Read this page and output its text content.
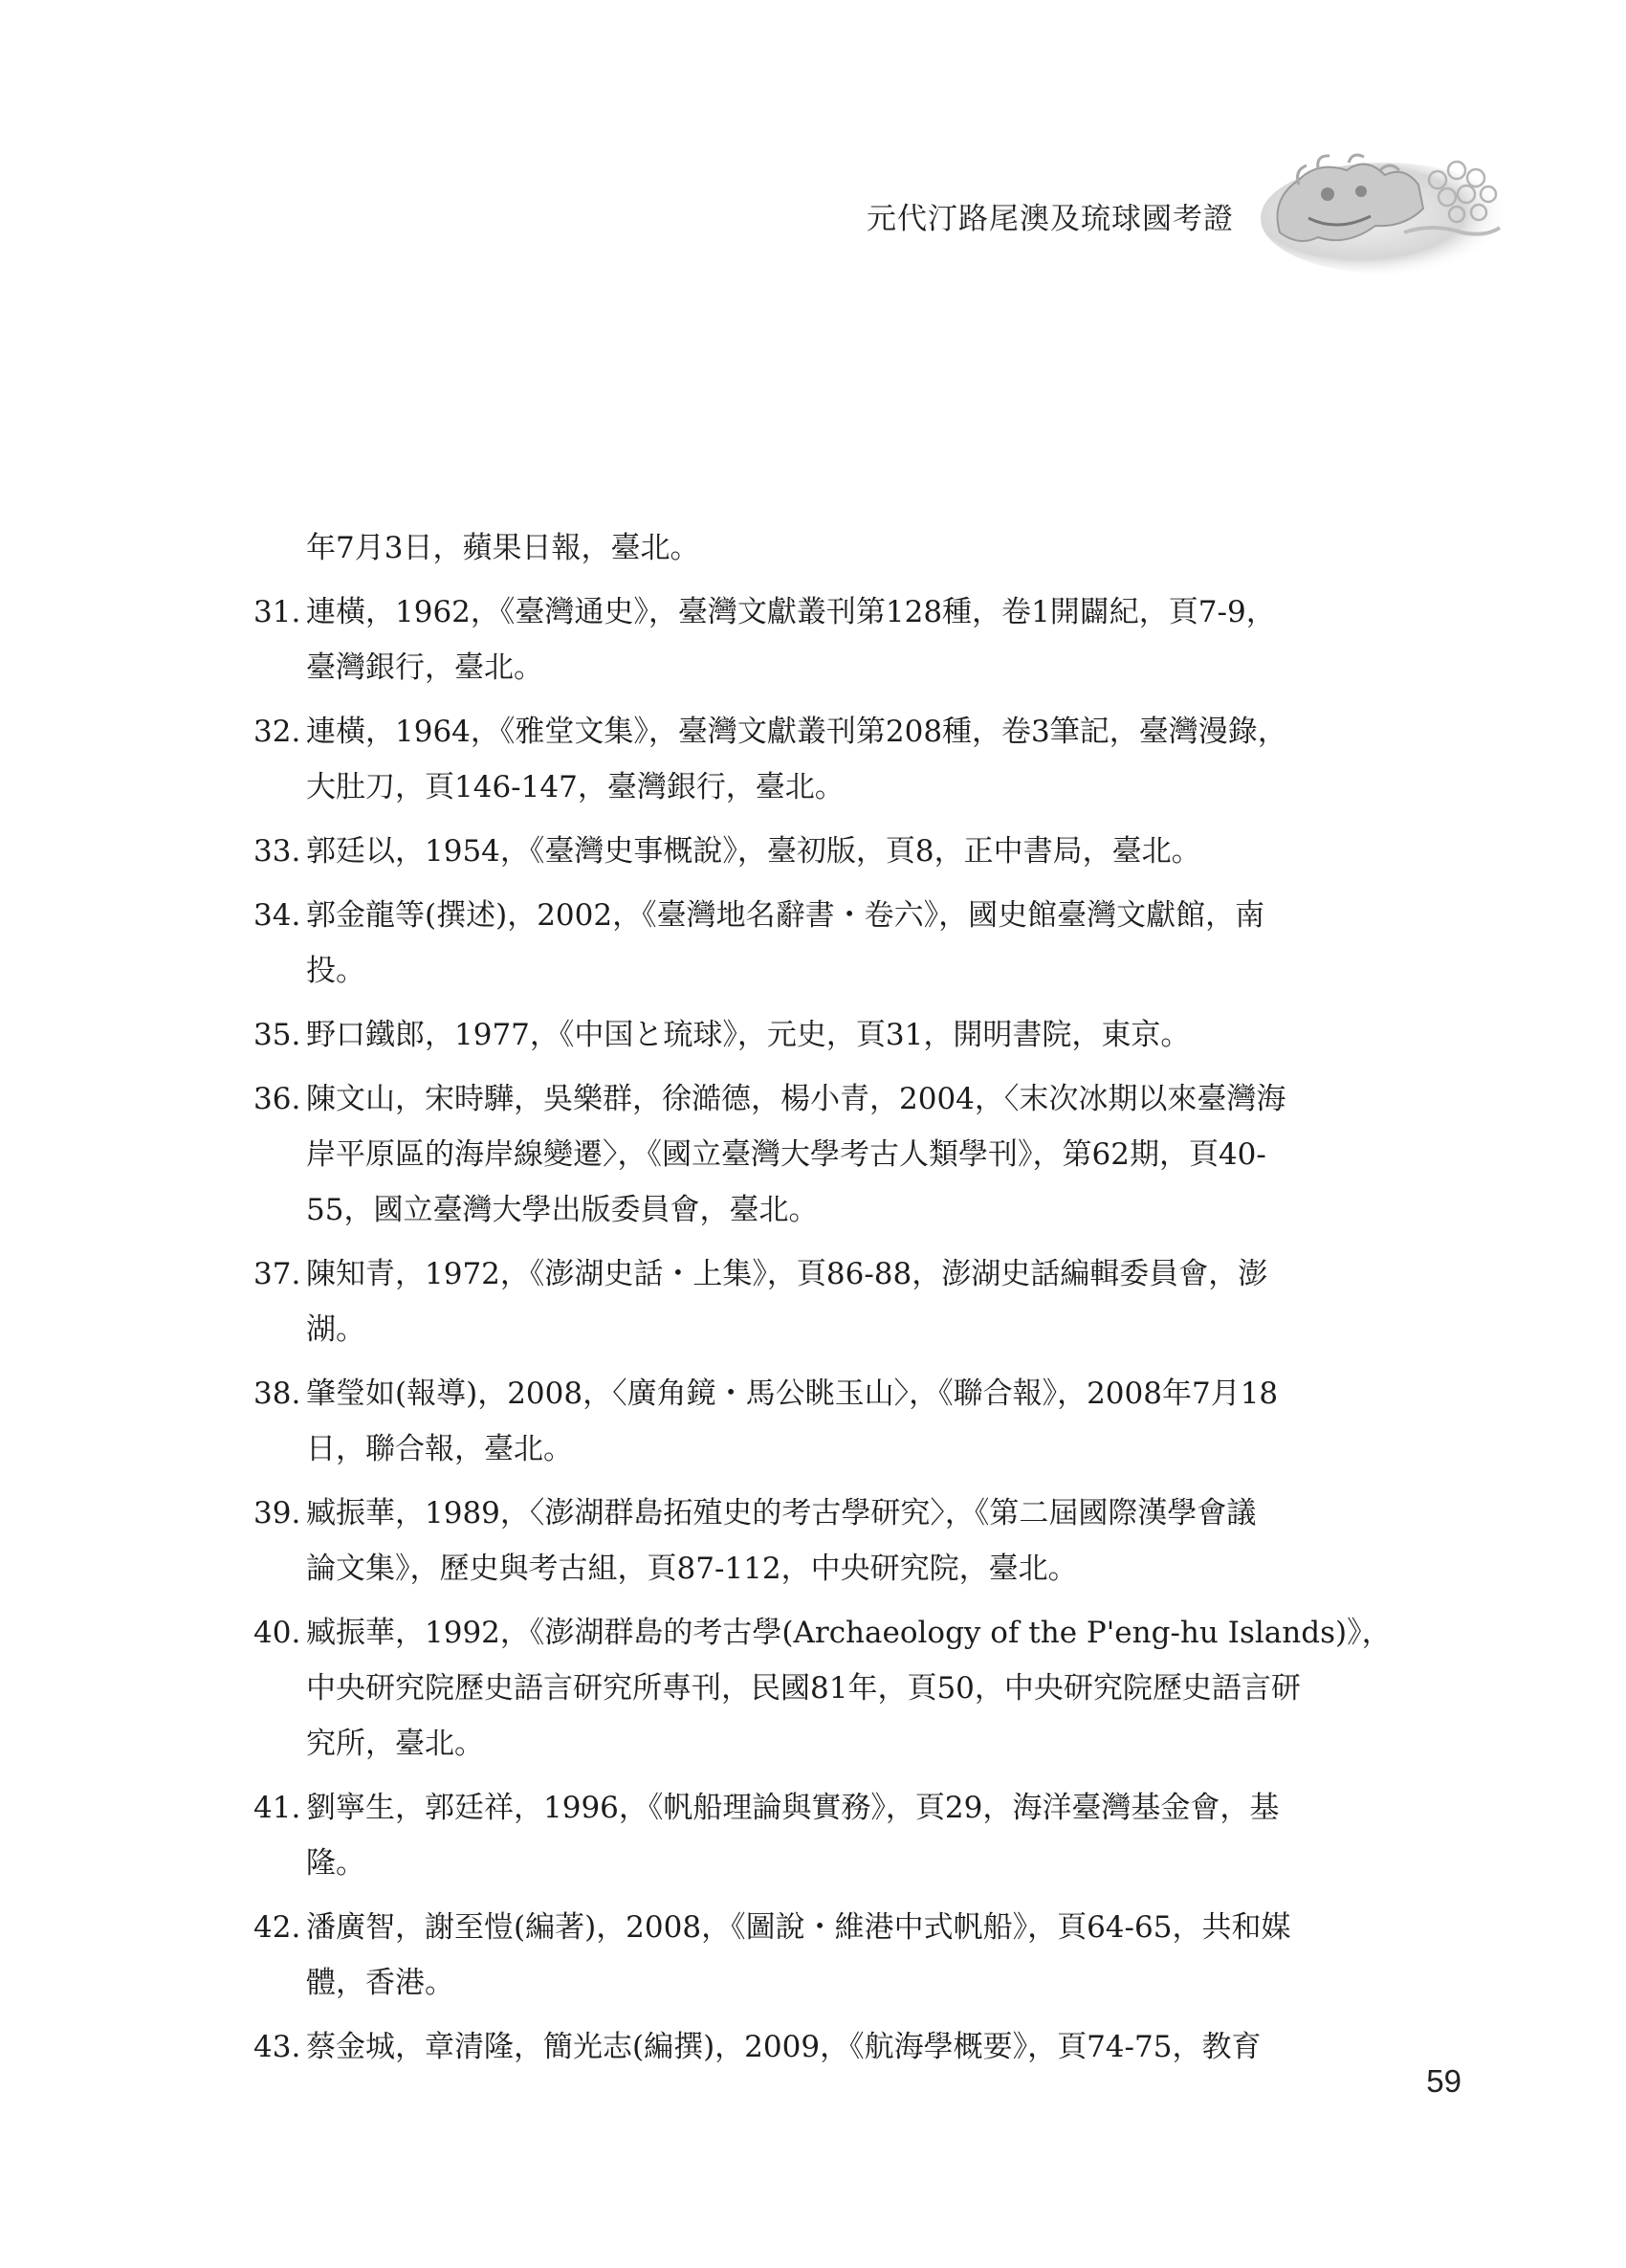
元代汀路尾澳及琉球國考證
年7月3日，蘋果日報，臺北。
31. 連橫，1962，《臺灣通史》，臺灣文獻叢刊第128種，卷1開闢紀，頁7-9，
臺灣銀行，臺北。
32. 連橫，1964，《雅堂文集》，臺灣文獻叢刊第208種，卷3筆記，臺灣漫錄，
大肚刀，頁146-147，臺灣銀行，臺北。
33. 郭廷以，1954，《臺灣史事概說》，臺初版，頁8，正中書局，臺北。
34. 郭金龍等(撰述)，2002，《臺灣地名辭書・卷六》，國史館臺灣文獻館，南
投。
35. 野口鐵郎，1977，《中国と琉球》，元史，頁31，開明書院，東京。
36. 陳文山，宋時驊，吳樂群，徐澔德，楊小青，2004，〈末次冰期以來臺灣海
岸平原區的海岸線變遷〉，《國立臺灣大學考古人類學刊》，第62期，頁40-
55，國立臺灣大學出版委員會，臺北。
37. 陳知青，1972，《澎湖史話・上集》，頁86-88，澎湖史話編輯委員會，澎
湖。
38. 肇瑩如(報導)，2008，〈廣角鏡・馬公眺玉山〉，《聯合報》，2008年7月18
日，聯合報，臺北。
39. 臧振華，1989，〈澎湖群島拓殖史的考古學研究〉，《第二屆國際漢學會議
論文集》，歷史與考古組，頁87-112，中央研究院，臺北。
40. 臧振華，1992，《澎湖群島的考古學(Archaeology of the P'eng-hu Islands)》，
中央研究院歷史語言研究所專刊，民國81年，頁50，中央研究院歷史語言研
究所，臺北。
41. 劉寧生，郭廷祥，1996，《帆船理論與實務》，頁29，海洋臺灣基金會，基
隆。
42. 潘廣智，謝至愷(編著)，2008，《圖說・維港中式帆船》，頁64-65，共和媒
體，香港。
43. 蔡金城，章清隆，簡光志(編撰)，2009，《航海學概要》，頁74-75，教育
59
